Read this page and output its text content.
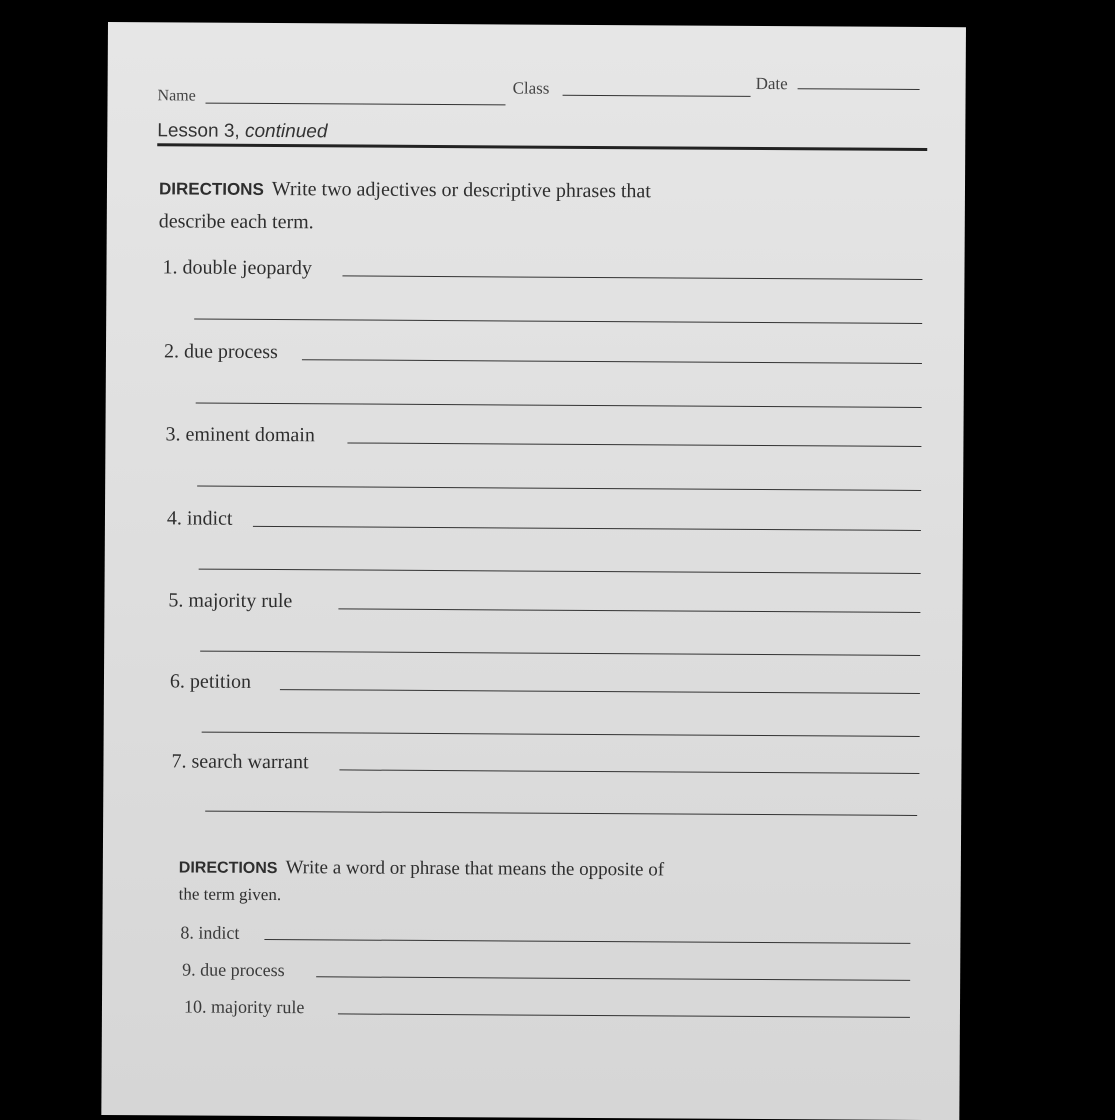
Name	Class	Date
Lesson 3, continued
DIRECTIONS Write two adjectives or descriptive phrases that
describe each term.
1. double jeopardy
2. due process
3. eminent domain
4. indict
5. majority rule
6. petition
7. search warrant
DIRECTIONS Write a word or phrase that means the opposite of
the term given.
8. indict
9. due process
10. majority rule
